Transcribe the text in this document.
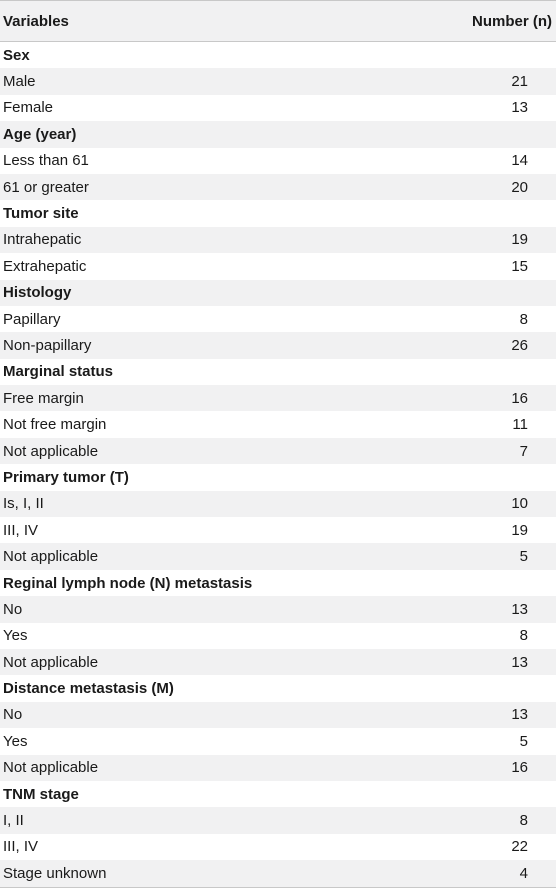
Variables	Number (n)
Sex
Male	21
Female	13
Age (year)
Less than 61	14
61 or greater	20
Tumor site
Intrahepatic	19
Extrahepatic	15
Histology
Papillary	8
Non-papillary	26
Marginal status
Free margin	16
Not free margin	11
Not applicable	7
Primary tumor (T)
Is, I, II	10
III, IV	19
Not applicable	5
Reginal lymph node (N) metastasis
No	13
Yes	8
Not applicable	13
Distance metastasis (M)
No	13
Yes	5
Not applicable	16
TNM stage
I, II	8
III, IV	22
Stage unknown	4
